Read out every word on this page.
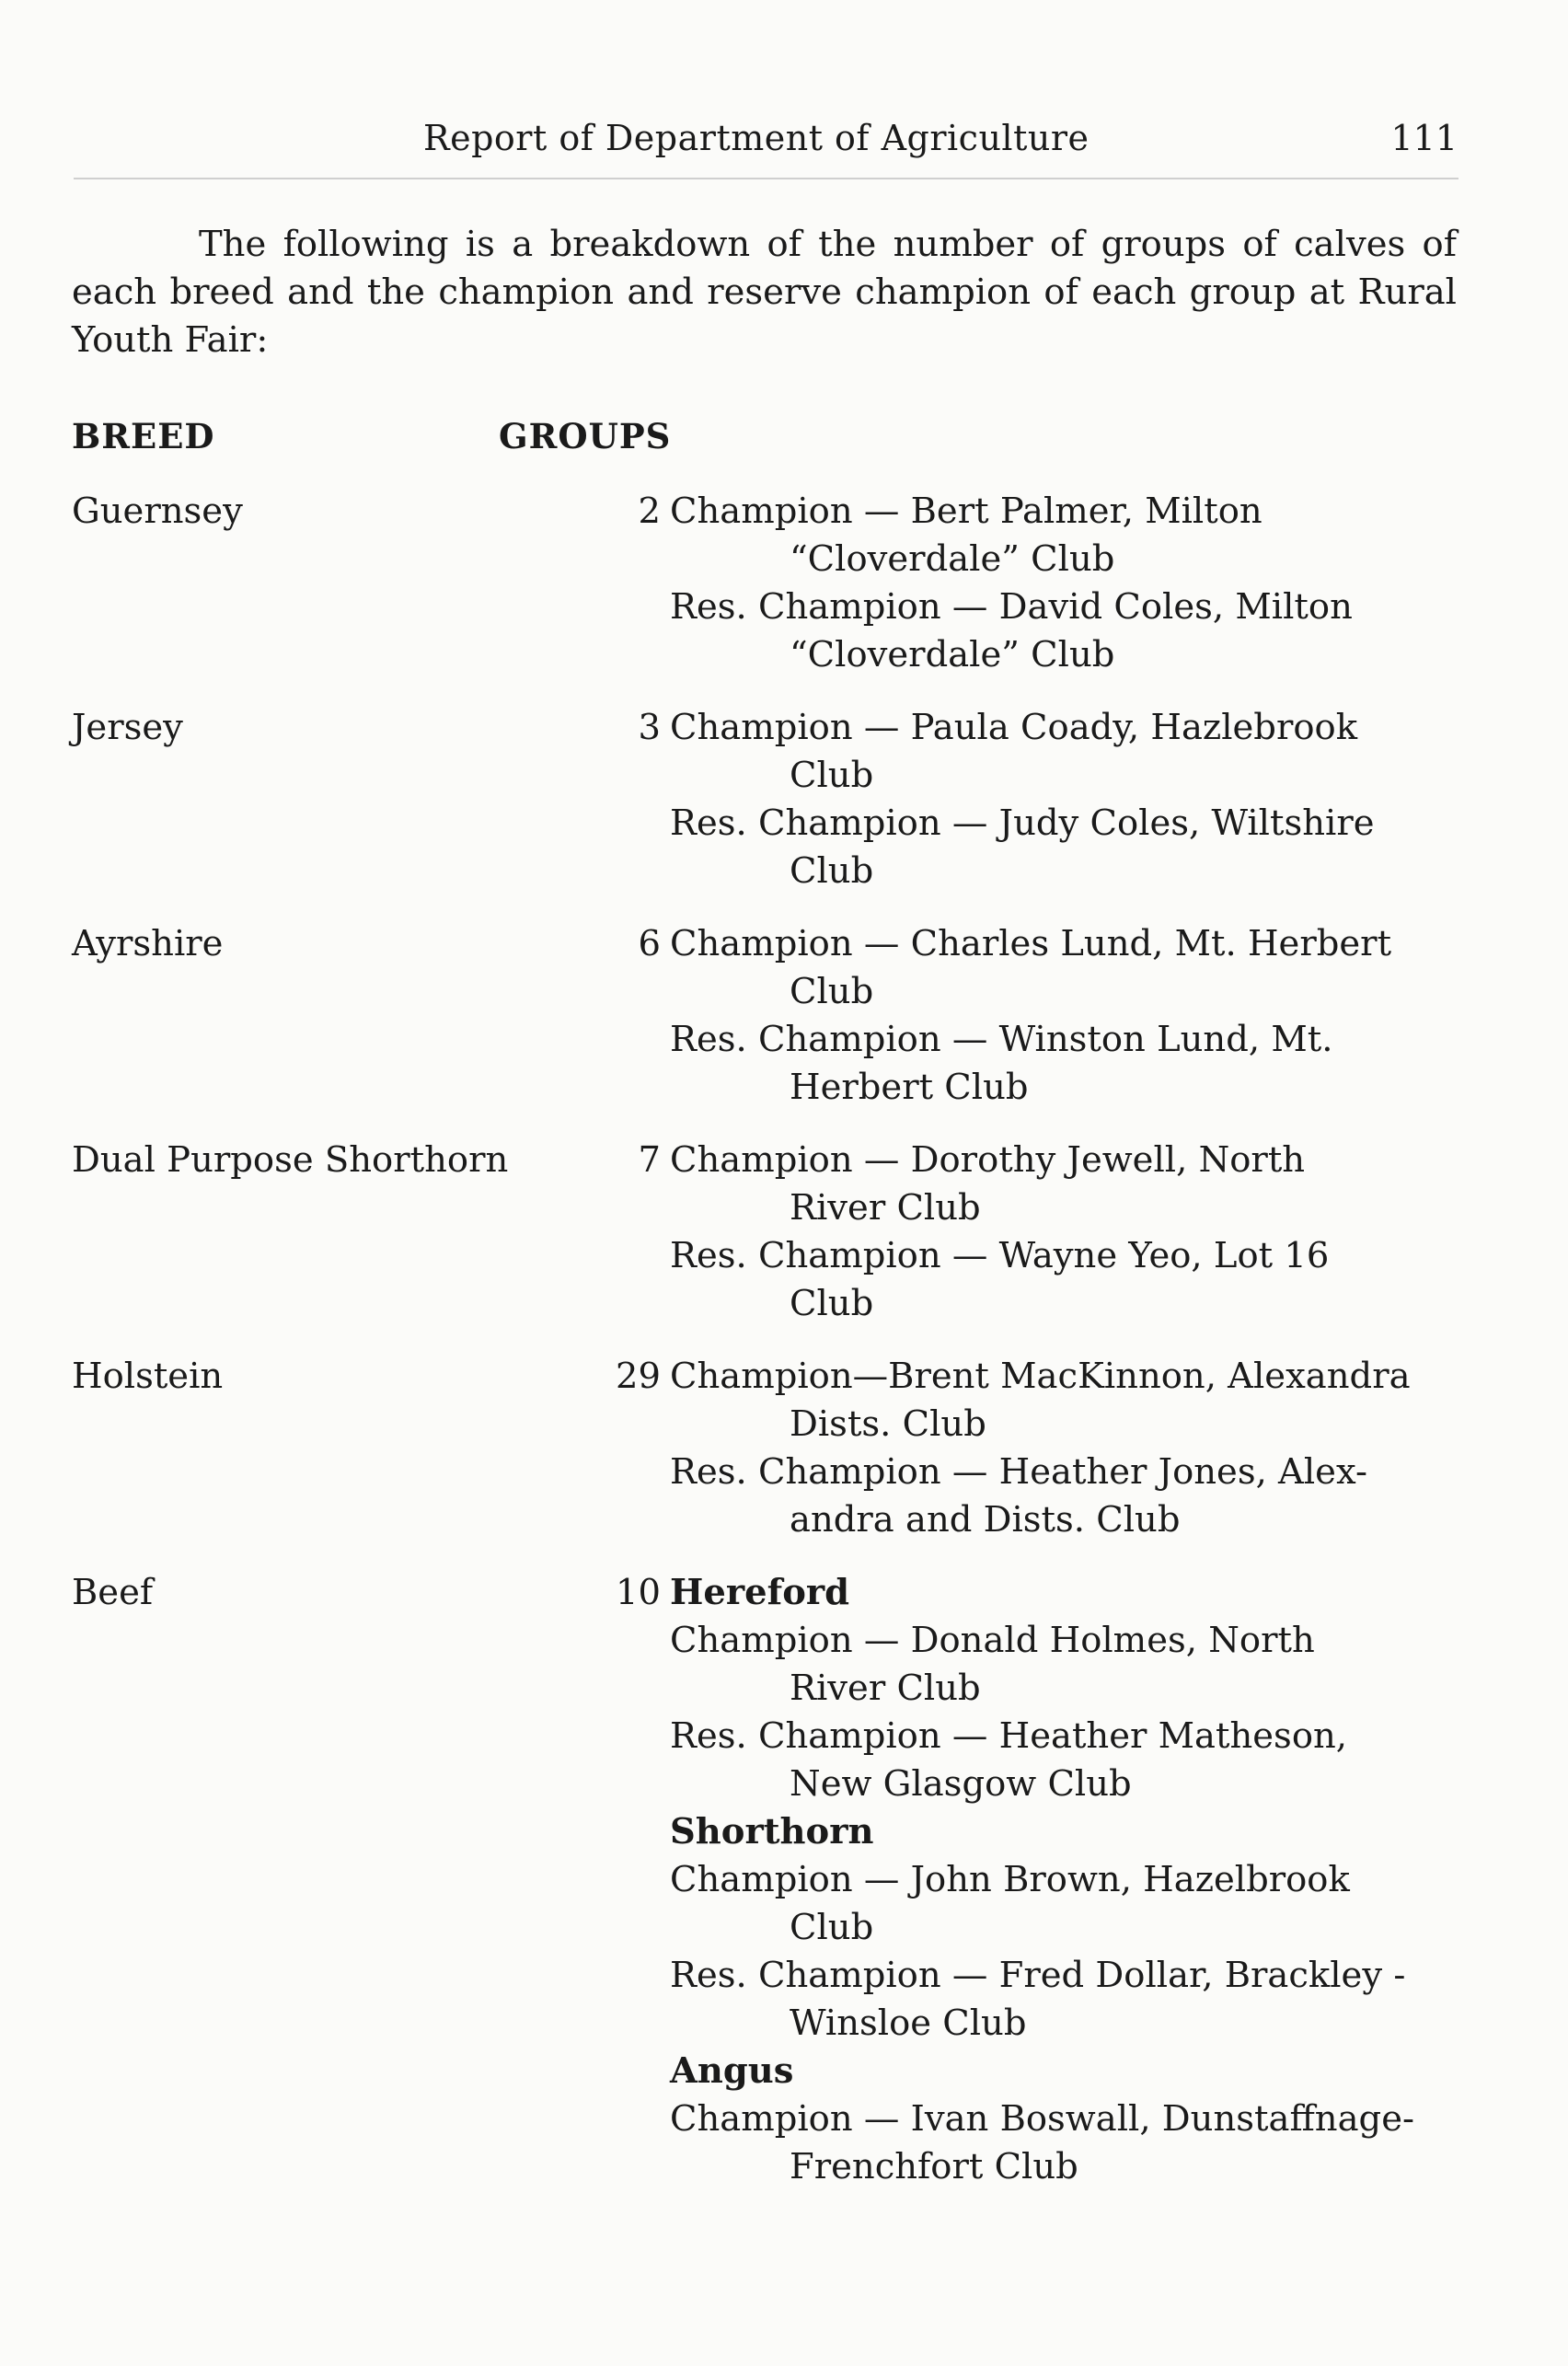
Report of Department of Agriculture	111

The following is a breakdown of the number of groups of calves of each breed and the champion and reserve champion of each group at Rural Youth Fair:

BREED	GROUPS
Guernsey	2 Champion — Bert Palmer, Milton
“Cloverdale” Club
Res. Champion — David Coles, Milton
“Cloverdale” Club
Jersey	3 Champion — Paula Coady, Hazlebrook
Club
Res. Champion — Judy Coles, Wiltshire
Club
Ayrshire	6 Champion — Charles Lund, Mt. Herbert
Club
Res. Champion — Winston Lund, Mt.
Herbert Club
Dual Purpose Shorthorn	7 Champion — Dorothy Jewell, North
River Club
Res. Champion — Wayne Yeo, Lot 16
Club
Holstein	29 Champion—Brent MacKinnon, Alexandra
Dists. Club
Res. Champion — Heather Jones, Alex-
andra and Dists. Club
Beef	10 Hereford
Champion — Donald Holmes, North
River Club
Res. Champion — Heather Matheson,
New Glasgow Club
Shorthorn
Champion — John Brown, Hazelbrook
Club
Res. Champion — Fred Dollar, Brackley -
Winsloe Club
Angus
Champion — Ivan Boswall, Dunstaffnage-
Frenchfort Club
